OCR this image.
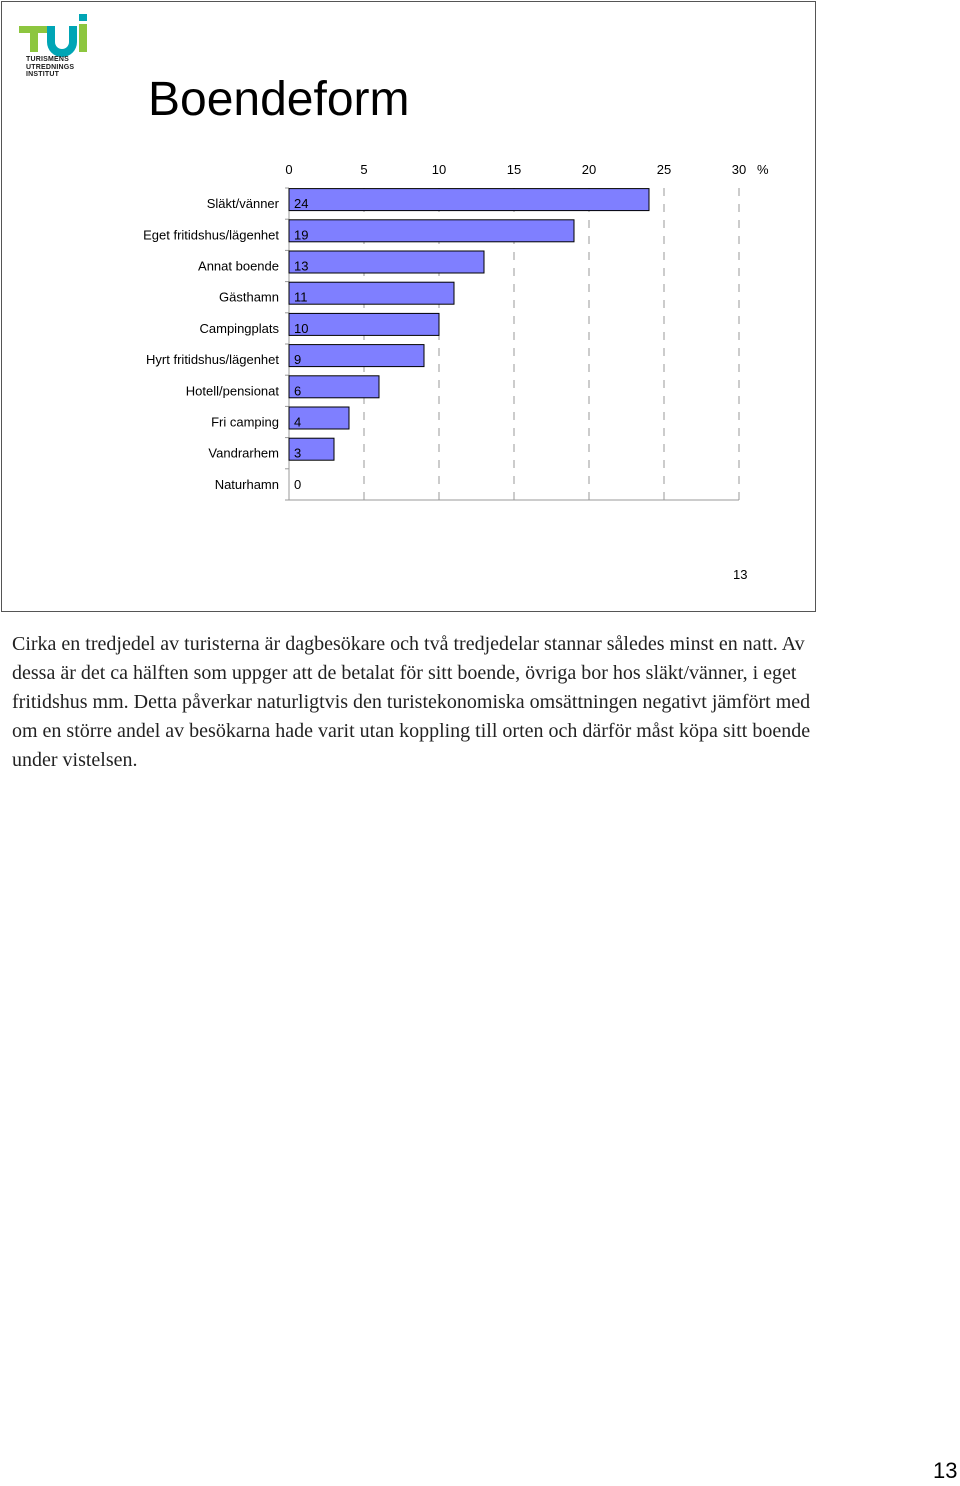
TURISMENS
UTREDNINGS
INSTITUT	Boendeform
0	5	10	15	20	25	30
Släkt/vänner
Eget fritidshus/lägenhet
Annat boende
Gästhamn
Campingplats
Hyrt fritidshus/lägenhet
Hotell/pensionat
Fri camping
Vandrarhem
Naturhamn
24
19
13
11
10
9
6
4
3
0
%
13

Cirka en tredjedel av turisterna är dagbesökare och två tredjedelar stannar således minst en natt. Av dessa är det ca hälften som uppger att de betalat för sitt boende, övriga bor hos släkt/vänner, i eget fritidshus mm. Detta påverkar naturligtvis den turistekonomiska omsättningen negativt jämfört med om en större andel av besökarna hade varit utan koppling till orten och därför måst köpa sitt boende under vistelsen.

13
